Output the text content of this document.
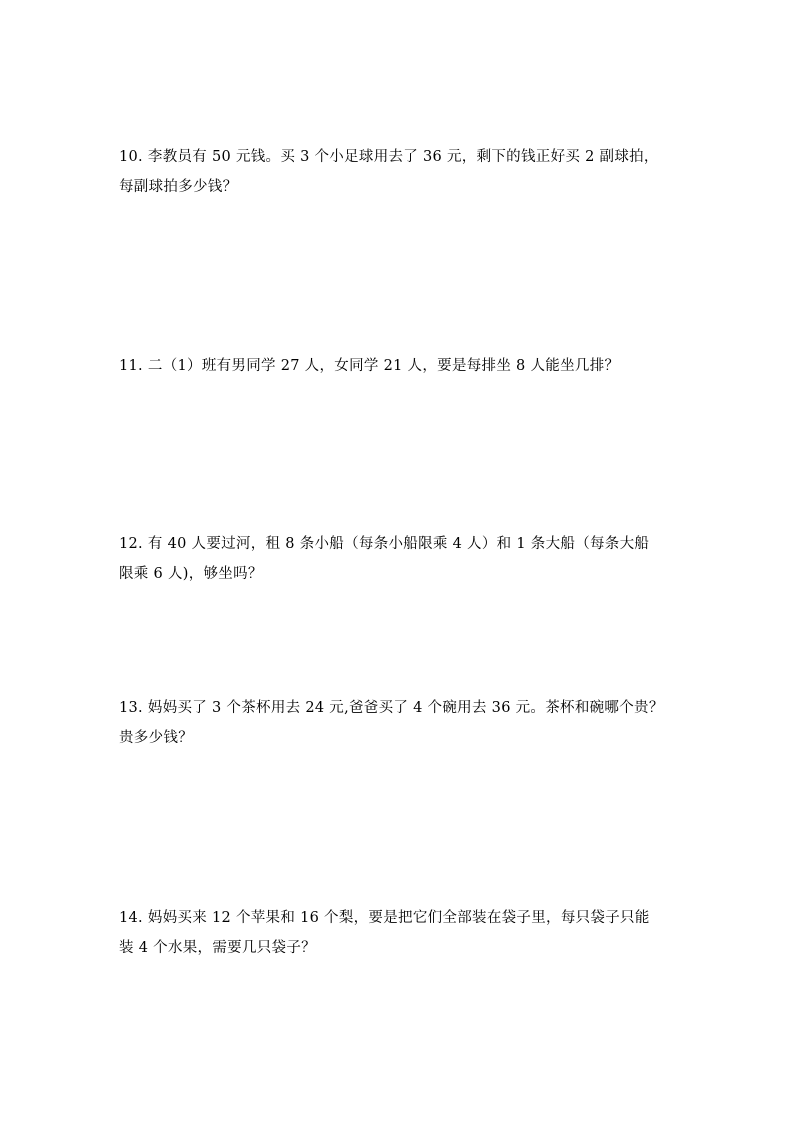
10. 李教员有 50 元钱。买 3 个小足球用去了 36 元，剩下的钱正好买 2 副球拍，
每副球拍多少钱？
11. 二（1）班有男同学 27 人，女同学 21 人，要是每排坐 8 人能坐几排？
12. 有 40 人要过河，租 8 条小船（每条小船限乘 4 人）和 1 条大船（每条大船
限乘 6 人)，够坐吗？
13. 妈妈买了 3 个茶杯用去 24 元,爸爸买了 4 个碗用去 36 元。茶杯和碗哪个贵？
贵多少钱？
14. 妈妈买来 12 个苹果和 16 个梨，要是把它们全部装在袋子里，每只袋子只能
装 4 个水果，需要几只袋子？
